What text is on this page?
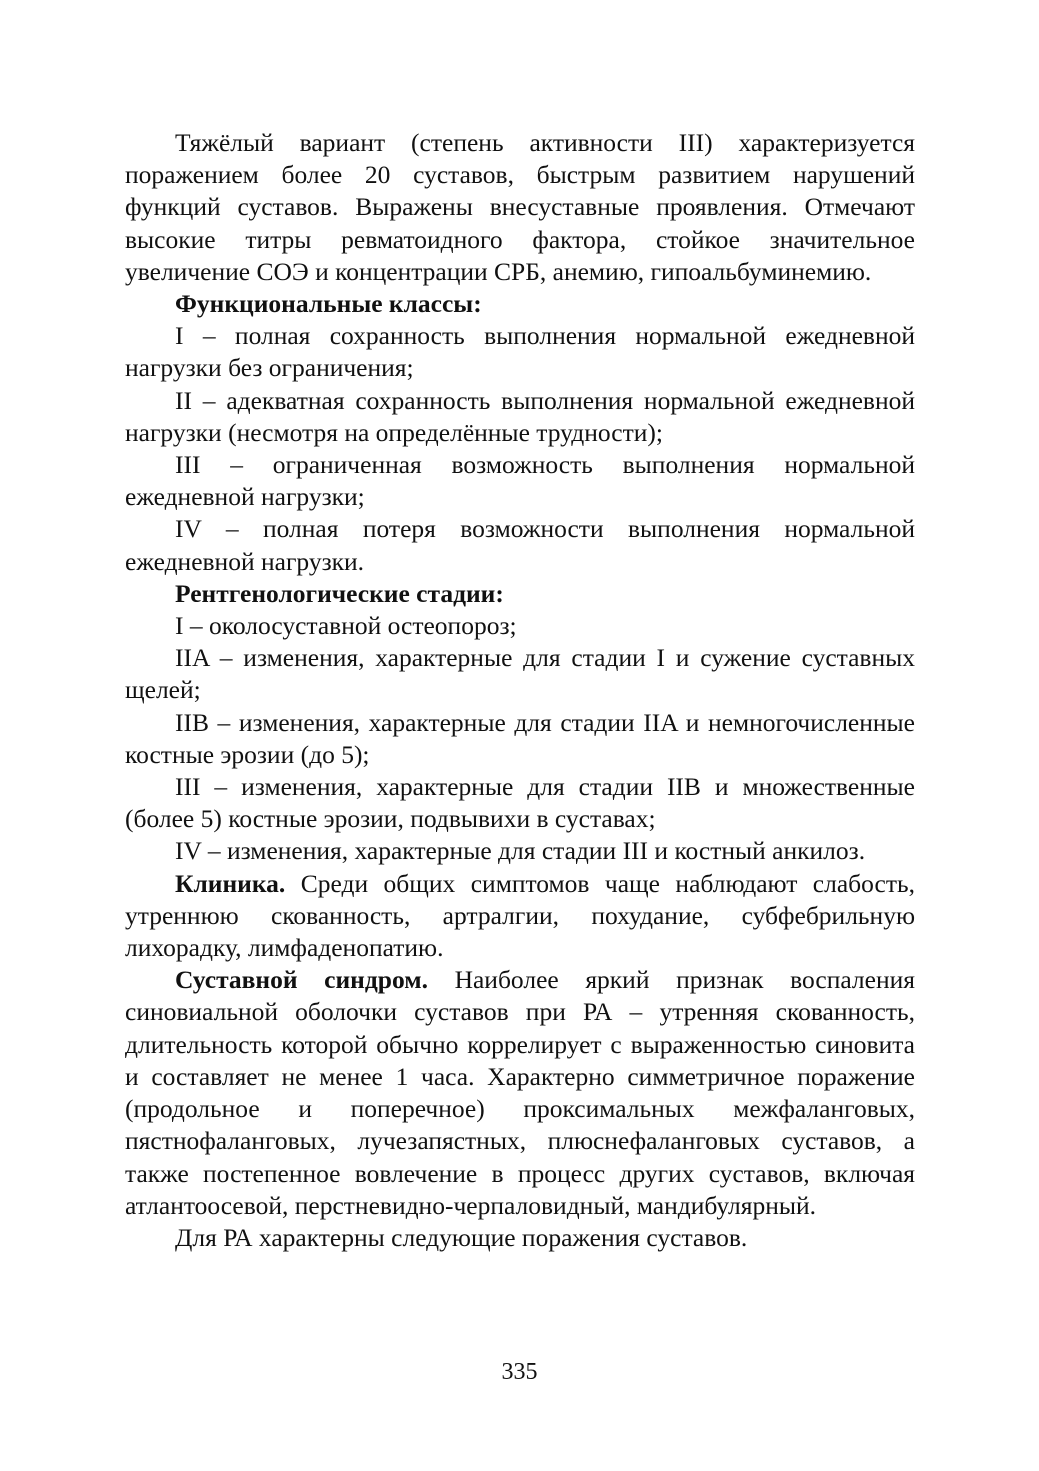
Тяжёлый вариант (степень активности III) характеризуется поражением более 20 суставов, быстрым развитием нарушений функций суставов. Выражены внесуставные проявления. Отмечают высокие титры ревматоидного фактора, стойкое значительное увеличение СОЭ и концентрации СРБ, анемию, гипоальбуминемию.

Функциональные классы:

I – полная сохранность выполнения нормальной ежедневной нагрузки без ограничения;

II – адекватная сохранность выполнения нормальной ежедневной нагрузки (несмотря на определённые трудности);

III – ограниченная возможность выполнения нормальной ежедневной нагрузки;

IV – полная потеря возможности выполнения нормальной ежедневной нагрузки.

Рентгенологические стадии:

I – околосуставной остеопороз;

IIA – изменения, характерные для стадии I и сужение суставных щелей;

IIB – изменения, характерные для стадии IIA и немногочисленные костные эрозии (до 5);

III – изменения, характерные для стадии IIB и множественные (более 5) костные эрозии, подвывихи в суставах;

IV – изменения, характерные для стадии III и костный анкилоз.

Клиника. Среди общих симптомов чаще наблюдают слабость, утреннюю скованность, артралгии, похудание, субфебрильную лихорадку, лимфаденопатию.

Суставной синдром. Наиболее яркий признак воспаления синовиальной оболочки суставов при РА – утренняя скованность, длительность которой обычно коррелирует с выраженностью синовита и составляет не менее 1 часа. Характерно симметричное поражение (продольное и поперечное) проксимальных межфаланговых, пястнофаланговых, лучезапястных, плюснефаланговых суставов, а также постепенное вовлечение в процесс других суставов, включая атлантоосевой, перстневидно-черпаловидный, мандибулярный.

Для РА характерны следующие поражения суставов.

335
